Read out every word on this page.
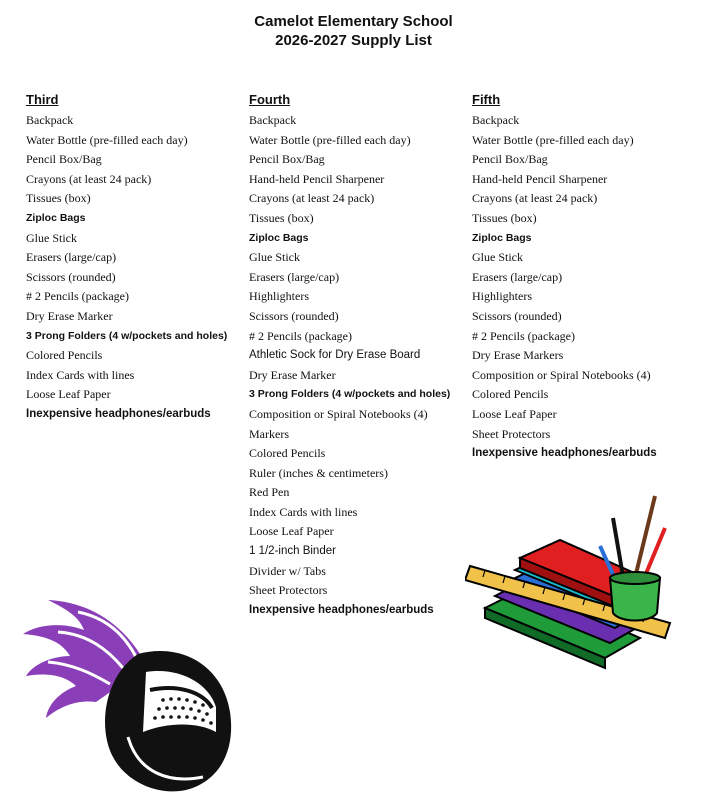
Camelot Elementary School
2026-2027 Supply List
Third
Backpack
Water Bottle (pre-filled each day)
Pencil Box/Bag
Crayons (at least 24 pack)
Tissues (box)
Ziploc Bags
Glue Stick
Erasers (large/cap)
Scissors (rounded)
# 2 Pencils (package)
Dry Erase Marker
3 Prong Folders (4 w/pockets and holes)
Colored Pencils
Index Cards with lines
Loose Leaf Paper
Inexpensive headphones/earbuds
Fourth
Backpack
Water Bottle (pre-filled each day)
Pencil Box/Bag
Hand-held Pencil Sharpener
Crayons (at least 24 pack)
Tissues (box)
Ziploc Bags
Glue Stick
Erasers (large/cap)
Highlighters
Scissors (rounded)
# 2 Pencils (package)
Athletic Sock for Dry Erase Board
Dry Erase Marker
3 Prong Folders (4 w/pockets and holes)
Composition or Spiral Notebooks (4)
Markers
Colored Pencils
Ruler (inches & centimeters)
Red Pen
Index Cards with lines
Loose Leaf Paper
1 1/2-inch Binder
Divider w/ Tabs
Sheet Protectors
Inexpensive headphones/earbuds
Fifth
Backpack
Water Bottle (pre-filled each day)
Pencil Box/Bag
Hand-held Pencil Sharpener
Crayons (at least 24 pack)
Tissues (box)
Ziploc Bags
Glue Stick
Erasers (large/cap)
Highlighters
Scissors (rounded)
# 2 Pencils (package)
Dry Erase Markers
Composition or Spiral Notebooks (4)
Colored Pencils
Loose Leaf Paper
Sheet Protectors
Inexpensive headphones/earbuds
